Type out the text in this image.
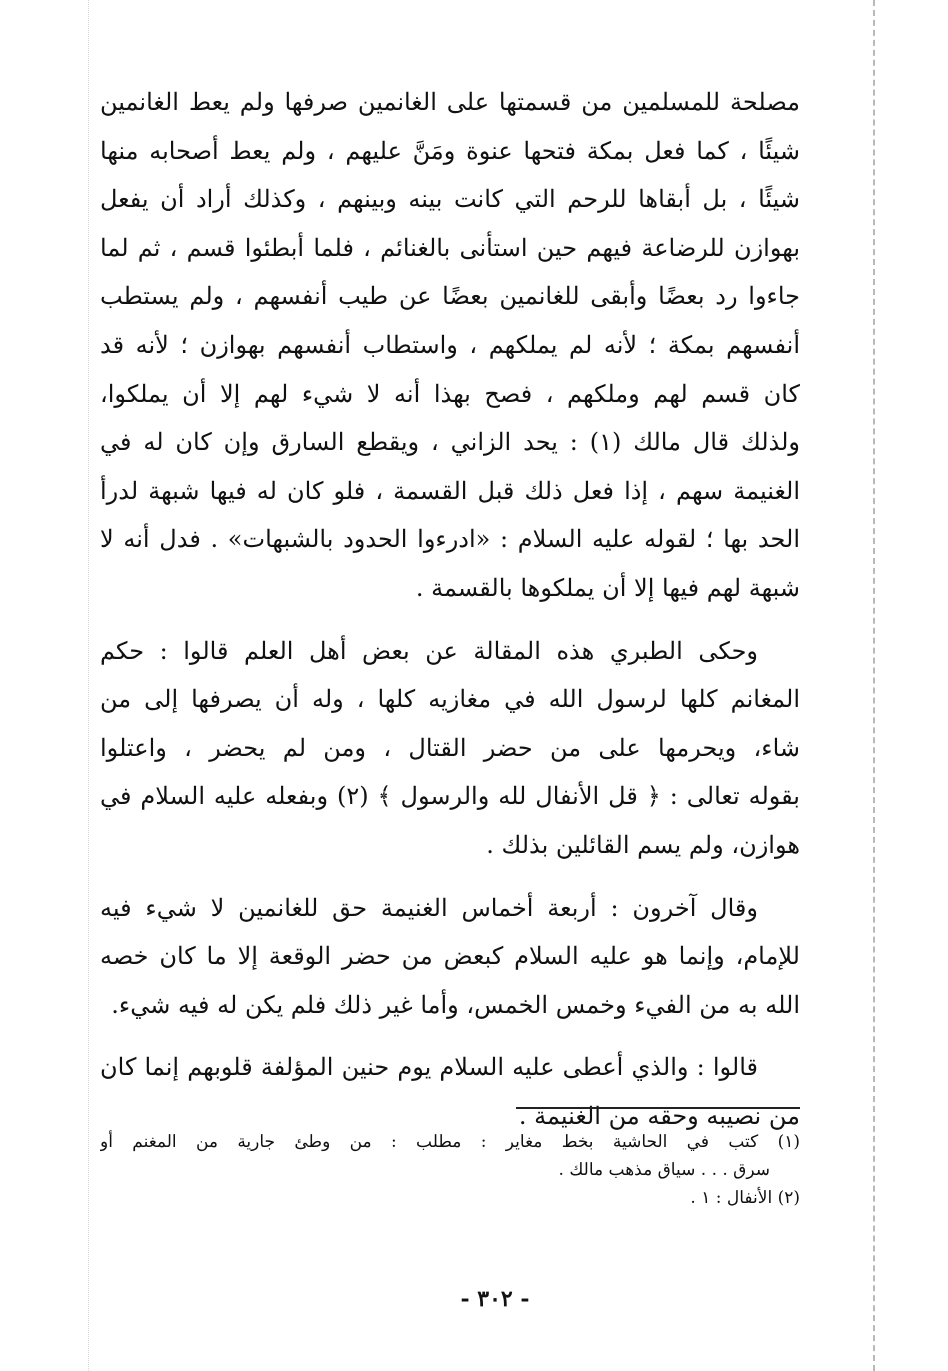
مصلحة للمسلمين من قسمتها على الغانمين صرفها ولم يعط الغانمين
شيئًا ، كما فعل بمكة فتحها عنوة ومَنَّ عليهم ، ولم يعط أصحابه منها
شيئًا ، بل أبقاها للرحم التي كانت بينه وبينهم ، وكذلك أراد أن يفعل
بهوازن للرضاعة فيهم حين استأنى بالغنائم ، فلما أبطئوا قسم ، ثم لما
جاءوا رد بعضًا وأبقى للغانمين بعضًا عن طيب أنفسهم ، ولم يستطب
أنفسهم بمكة ؛ لأنه لم يملكهم ، واستطاب أنفسهم بهوازن ؛ لأنه قد
كان قسم لهم وملكهم ، فصح بهذا أنه لا شيء لهم إلا أن يملكوا،
ولذلك قال مالك (١) : يحد الزاني ، ويقطع السارق وإن كان له في
الغنيمة سهم ، إذا فعل ذلك قبل القسمة ، فلو كان له فيها شبهة لدرأ
الحد بها ؛ لقوله عليه السلام : «ادرءوا الحدود بالشبهات» . فدل أنه لا
شبهة لهم فيها إلا أن يملكوها بالقسمة .
وحكى الطبري هذه المقالة عن بعض أهل العلم قالوا : حكم
المغانم كلها لرسول الله في مغازيه كلها ، وله أن يصرفها إلى من
شاء، ويحرمها على من حضر القتال ، ومن لم يحضر ، واعتلوا
بقوله تعالى : ﴿ قل الأنفال لله والرسول ﴾ (٢) وبفعله عليه السلام في
هوازن، ولم يسم القائلين بذلك .
وقال آخرون : أربعة أخماس الغنيمة حق للغانمين لا شيء فيه
للإمام، وإنما هو عليه السلام كبعض من حضر الوقعة إلا ما كان خصه
الله به من الفيء وخمس الخمس، وأما غير ذلك فلم يكن له فيه شيء.
قالوا : والذي أعطى عليه السلام يوم حنين المؤلفة قلوبهم إنما كان
من نصيبه وحقه من الغنيمة .
(١) كتب في الحاشية بخط مغاير : مطلب : من وطئ جارية من المغنم أو
سرق . . . سياق مذهب مالك .
(٢) الأنفال : ١ .
- ٣٠٢ -
